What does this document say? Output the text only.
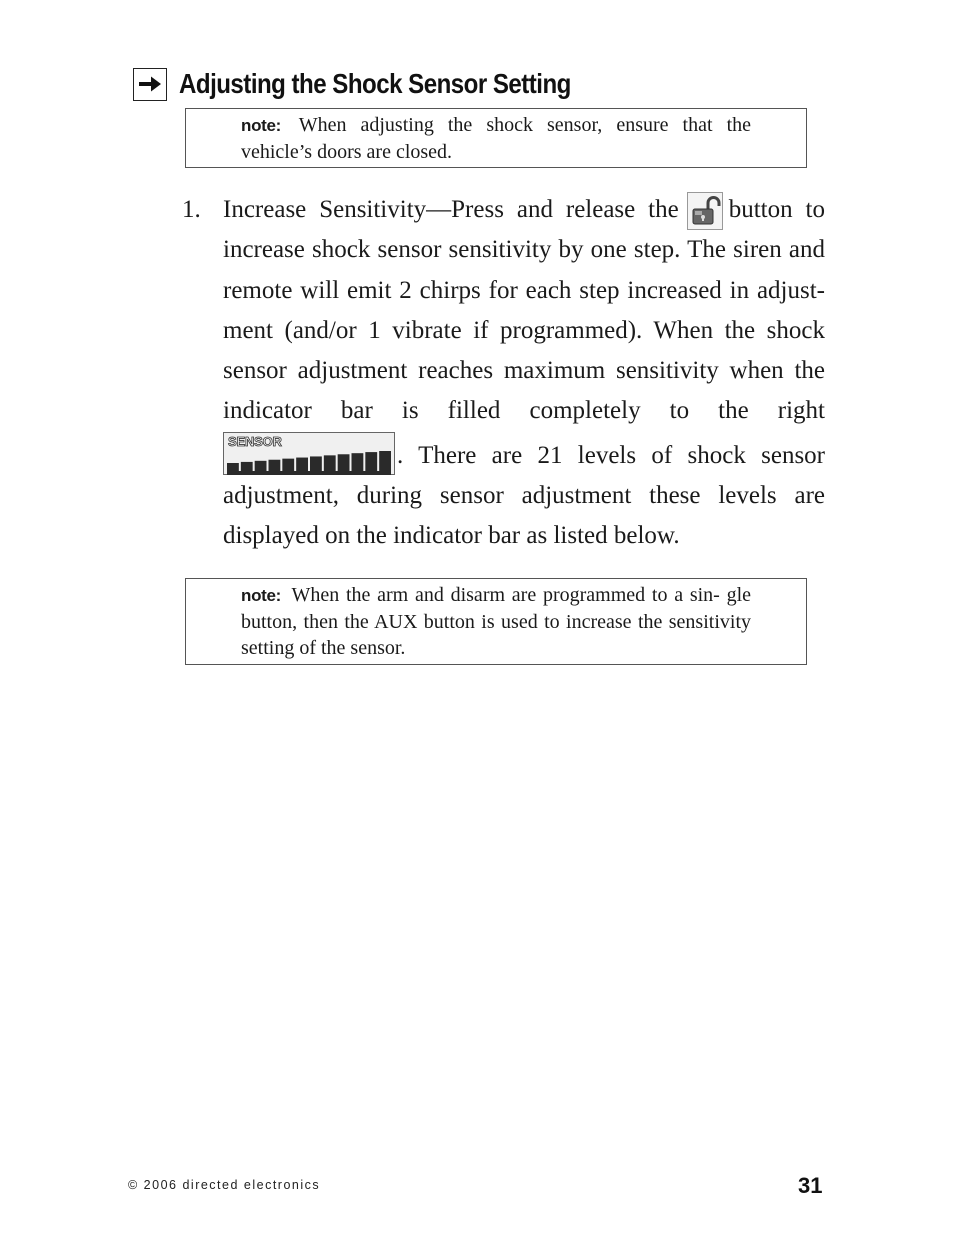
Adjusting the Shock Sensor Setting
note: When adjusting the shock sensor, ensure that the vehicle’s doors are closed.
1. Increase Sensitivity—Press and release the button to increase shock sensor sensitivity by one step. The siren and remote will emit 2 chirps for each step increased in adjust- ment (and/or 1 vibrate if programmed). When the shock sensor adjustment reaches maximum sensitivity when the indicator bar is filled completely to the right
SENSOR
. There are 21 levels of shock sensor adjustment, during sensor adjustment these levels are displayed on the indicator bar as listed below.
note: When the arm and disarm are programmed to a sin- gle button, then the AUX button is used to increase the sensitivity setting of the sensor.
© 2006 directed electronics	31
